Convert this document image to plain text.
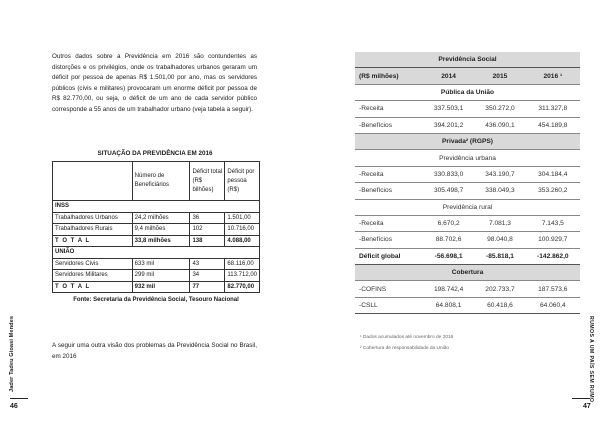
Jader Tadeu Gioasi Mendes
46

Outros dados sobre a Previdência em 2016 são contundentes as distorções e os privilégios, onde os trabalhadores urbanos geraram um déficit por pessoa de apenas R$ 1.501,00 por ano, mas os servidores públicos (civis e militares) provocaram um enorme déficit por pessoa de R$ 82.770,00, ou seja, o déficit de um ano de cada servidor público corresponde a 55 anos de um trabalhador urbano (veja tabela a seguir).

SITUAÇÃO DA PREVIDÊNCIA EM 2016
	Número de Beneficiários	Déficit total (R$ bilhões)	Déficit por pessoa (R$)
INSS			
Trabalhadores Urbanos	24,2 milhões	36	1.501,00
Trabalhadores Rurais	9,4 milhões	102	10.716,00
T O T A L	33,8 milhões	138	4.088,00
UNIÃO			
Servidores Civis	633 mil	43	68.116,00
Servidores Militares	299 mil	34	113.712,00
T O T A L	932 mil	77	82.770,00
Fonte: Secretaria da Previdência Social, Tesouro Nacional

A seguir uma outra visão dos problemas da Previdência Social no Brasil, em 2016	RUMOS A UM PAÍS SEM RUMO
47
Previdência Social			
(R$ milhões)	2014	2015	2016 ¹
Pública da União			
-Receita	337.503,1	350.272,0	311.327,8
-Benefícios	394.201,2	436.090,1	454.189,8
Privada² (RGPS)			
Previdência urbana			
-Receita	330.833,0	343.190,7	304.184,4
-Benefícios	305.498,7	338.049,3	353.260,2
Previdência rural			
-Receita	6.670,2	7.081,3	7.143,5
-Benefícios	88.702,6	98.040,8	100.929,7
Déficit global	-56.698,1	-85.818,1	-142.862,0
Cobertura			
-COFINS	198.742,4	202.733,7	187.573,6
-CSLL	64.808,1	60.418,6	64.060,4
¹ Dados acumulados até novembro de 2016
² Cobertura de responsabilidade da União
